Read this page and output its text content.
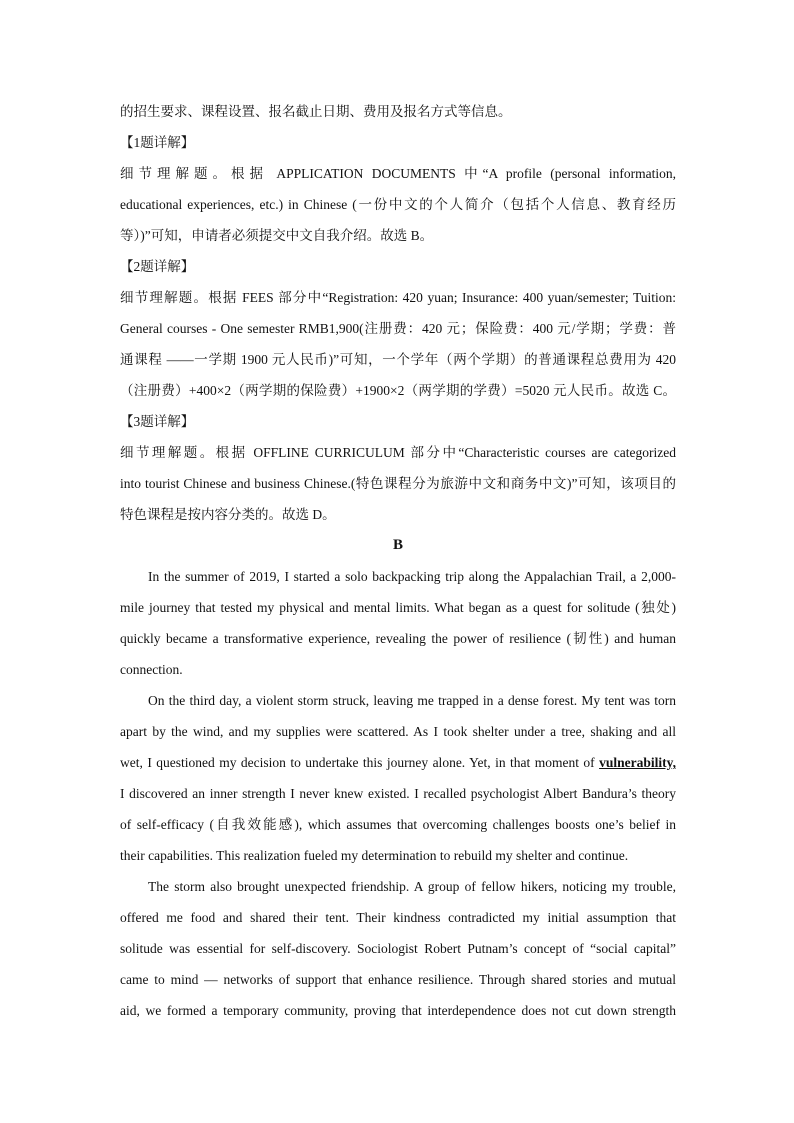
的招生要求、课程设置、报名截止日期、费用及报名方式等信息。
【1题详解】
细节理解题。根据 APPLICATION DOCUMENTS 中“A profile (personal information,
educational experiences, etc.) in Chinese (一份中文的个人简介（包括个人信息、教育经历
等）)”可知，申请者必须提交中文自我介绍。故选 B。
【2题详解】
细节理解题。根据 FEES 部分中“Registration: 420 yuan; Insurance: 400 yuan/semester; Tuition:
General courses - One semester RMB1,900(注册费：420 元；保险费：400 元/学期；学费：普
通课程 ——一学期 1900 元人民币)”可知，一个学年（两个学期）的普通课程总费用为 420
（注册费）+400×2（两学期的保险费）+1900×2（两学期的学费）=5020 元人民币。故选 C。
【3题详解】
细节理解题。根据 OFFLINE CURRICULUM 部分中“Characteristic courses are categorized
into tourist Chinese and business Chinese.(特色课程分为旅游中文和商务中文)”可知，该项目的
特色课程是按内容分类的。故选 D。
B
In the summer of 2019, I started a solo backpacking trip along the Appalachian Trail, a 2,000-
mile journey that tested my physical and mental limits. What began as a quest for solitude (独处)
quickly became a transformative experience, revealing the power of resilience (韧性) and human
connection.
On the third day, a violent storm struck, leaving me trapped in a dense forest. My tent was torn
apart by the wind, and my supplies were scattered. As I took shelter under a tree, shaking and all
wet, I questioned my decision to undertake this journey alone. Yet, in that moment of vulnerability,
I discovered an inner strength I never knew existed. I recalled psychologist Albert Bandura’s theory
of self-efficacy (自我效能感), which assumes that overcoming challenges boosts one’s belief in
their capabilities. This realization fueled my determination to rebuild my shelter and continue.
The storm also brought unexpected friendship. A group of fellow hikers, noticing my trouble,
offered me food and shared their tent. Their kindness contradicted my initial assumption that
solitude was essential for self-discovery. Sociologist Robert Putnam’s concept of “social capital”
came to mind — networks of support that enhance resilience. Through shared stories and mutual
aid, we formed a temporary community, proving that interdependence does not cut down strength
